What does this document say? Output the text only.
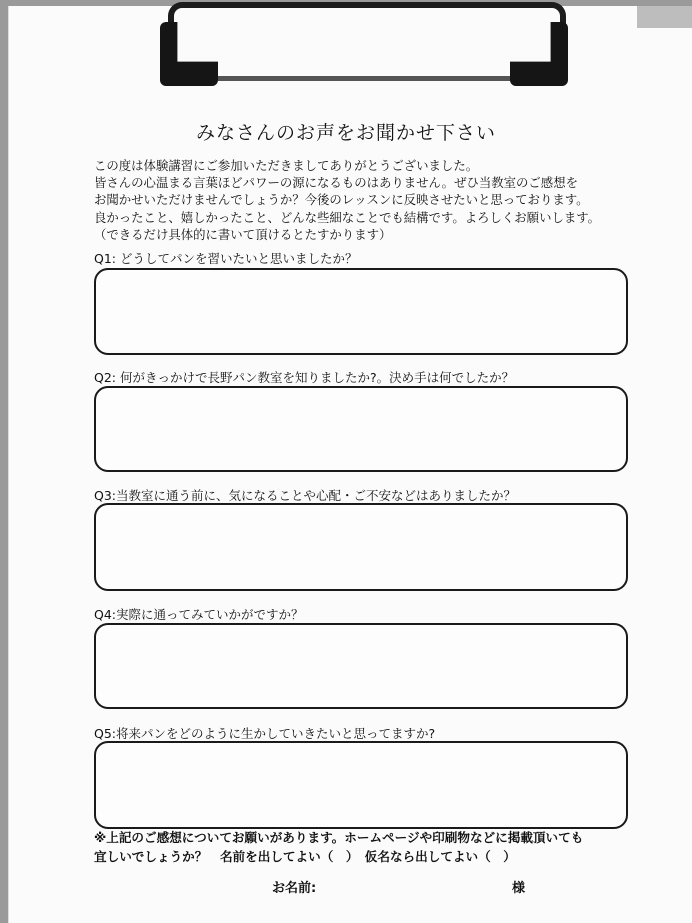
みなさんのお声をお聞かせ下さい
この度は体験講習にご参加いただきましてありがとうございました。
皆さんの心温まる言葉ほどパワーの源になるものはありません。ぜひ当教室のご感想を
お聞かせいただけませんでしょうか？今後のレッスンに反映させたいと思っております。
良かったこと、嬉しかったこと、どんな些細なことでも結構です。よろしくお願いします。
（できるだけ具体的に書いて頂けるとたすかります）
Q1: どうしてパンを習いたいと思いましたか？
Q2: 何がきっかけで長野パン教室を知りましたか?。決め手は何でしたか？
Q3:当教室に通う前に、気になることや心配・ご不安などはありましたか？
Q4:実際に通ってみていかがですか？
Q5:将来パンをどのように生かしていきたいと思ってますか?
※上記のご感想についてお願いがあります。ホームページや印刷物などに掲載頂いても
宜しいでしょうか？　名前を出してよい（　）　仮名なら出してよい（　）
お名前:	様
